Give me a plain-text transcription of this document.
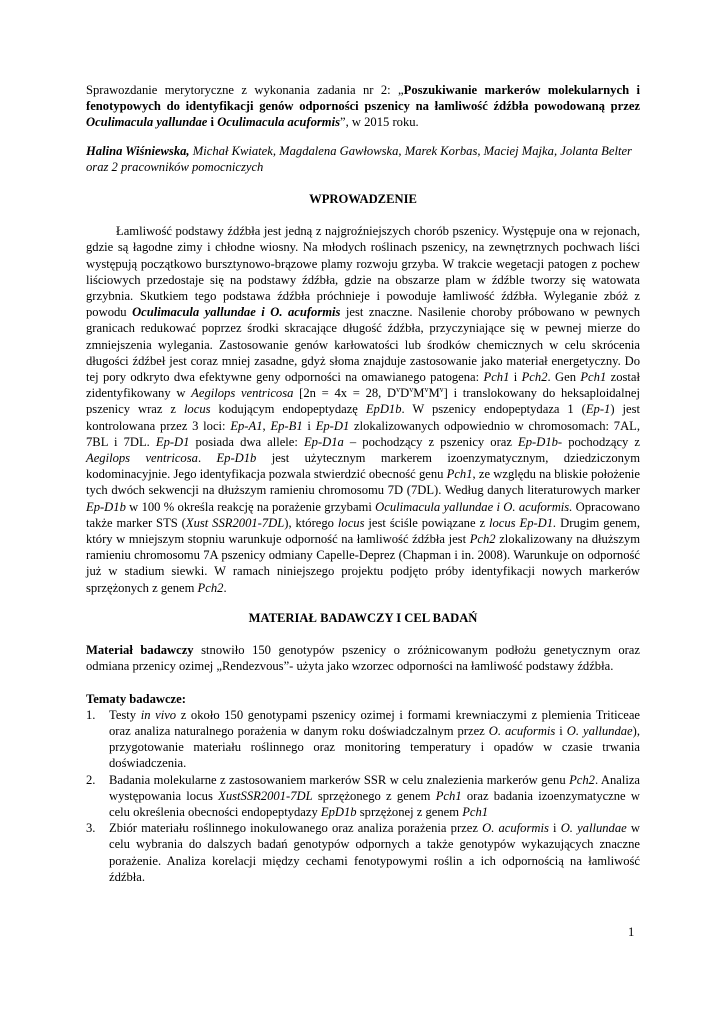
Sprawozdanie merytoryczne z wykonania zadania nr 2: „Poszukiwanie markerów molekularnych i fenotypowych do identyfikacji genów odporności pszenicy na łamliwość źdźbła powodowaną przez Oculimacula yallundae i Oculimacula acuformis”, w 2015 roku.

Halina Wiśniewska, Michał Kwiatek, Magdalena Gawłowska, Marek Korbas, Maciej Majka, Jolanta Belter oraz 2 pracowników pomocniczych

WPROWADZENIE

Łamliwość podstawy źdźbła jest jedną z najgroźniejszych chorób pszenicy. Występuje ona w rejonach, gdzie są łagodne zimy i chłodne wiosny. Na młodych roślinach pszenicy, na zewnętrznych pochwach liści występują początkowo bursztynowo-brązowe plamy rozwoju grzyba. W trakcie wegetacji patogen z pochew liściowych przedostaje się na podstawy źdźbła, gdzie na obszarze plam w źdźble tworzy się watowata grzybnia. Skutkiem tego podstawa źdźbła próchnieje i powoduje łamliwość źdźbła. Wyleganie zbóż z powodu Oculimacula yallundae i O. acuformis jest znaczne. Nasilenie choroby próbowano w pewnych granicach redukować poprzez środki skracające długość źdźbła, przyczyniające się w pewnej mierze do zmniejszenia wylegania. Zastosowanie genów karłowatości lub środków chemicznych w celu skrócenia długości źdźbeł jest coraz mniej zasadne, gdyż słoma znajduje zastosowanie jako materiał energetyczny. Do tej pory odkryto dwa efektywne geny odporności na omawianego patogena: Pch1 i Pch2. Gen Pch1 został zidentyfikowany w Aegilops ventricosa [2n = 4x = 28, $D^vD^vM^vM^v$] i translokowany do heksaploidalnej pszenicy wraz z locus kodującym endopeptydazę EpD1b. W pszenicy endopeptydaza 1 (Ep-1) jest kontrolowana przez 3 loci: Ep-A1, Ep-B1 i Ep-D1 zlokalizowanych odpowiednio w chromosomach: 7AL, 7BL i 7DL. Ep-D1 posiada dwa allele: Ep-D1a – pochodzący z pszenicy oraz Ep-D1b- pochodzący z Aegilops ventricosa. Ep-D1b jest użytecznym markerem izoenzymatycznym, dziedziczonym kodominacyjnie. Jego identyfikacja pozwala stwierdzić obecność genu Pch1, ze względu na bliskie położenie tych dwóch sekwencji na dłuższym ramieniu chromosomu 7D (7DL). Według danych literaturowych marker Ep-D1b w 100 % określa reakcję na porażenie grzybami Oculimacula yallundae i O. acuformis. Opracowano także marker STS (Xust SSR2001-7DL), którego locus jest ściśle powiązane z locus Ep-D1. Drugim genem, który w mniejszym stopniu warunkuje odporność na łamliwość źdźbła jest Pch2 zlokalizowany na dłuższym ramieniu chromosomu 7A pszenicy odmiany Capelle-Deprez (Chapman i in. 2008). Warunkuje on odporność już w stadium siewki. W ramach niniejszego projektu podjęto próby identyfikacji nowych markerów sprzężonych z genem Pch2.

MATERIAŁ BADAWCZY I CEL BADAŃ

Materiał badawczy stnowiło 150 genotypów pszenicy o zróżnicowanym podłożu genetycznym oraz odmiana przenicy ozimej „Rendezvous”- użyta jako wzorzec odporności na łamliwość podstawy źdźbła.

Tematy badawcze:

1. Testy in vivo z około 150 genotypami pszenicy ozimej i formami krewniaczymi z plemienia Triticeae oraz analiza naturalnego porażenia w danym roku doświadczalnym przez O. acuformis i O. yallundae), przygotowanie materiału roślinnego oraz monitoring temperatury i opadów w czasie trwania doświadczenia.
2. Badania molekularne z zastosowaniem markerów SSR w celu znalezienia markerów genu Pch2. Analiza występowania locus XustSSR2001-7DL sprzężonego z genem Pch1 oraz badania izoenzymatyczne w celu określenia obecności endopeptydazy EpD1b sprzężonej z genem Pch1
3. Zbiór materiału roślinnego inokulowanego oraz analiza porażenia przez O. acuformis i O. yallundae w celu wybrania do dalszych badań genotypów odpornych a także genotypów wykazujących znaczne porażenie. Analiza korelacji między cechami fenotypowymi roślin a ich odpornością na łamliwość źdźbła.
1
